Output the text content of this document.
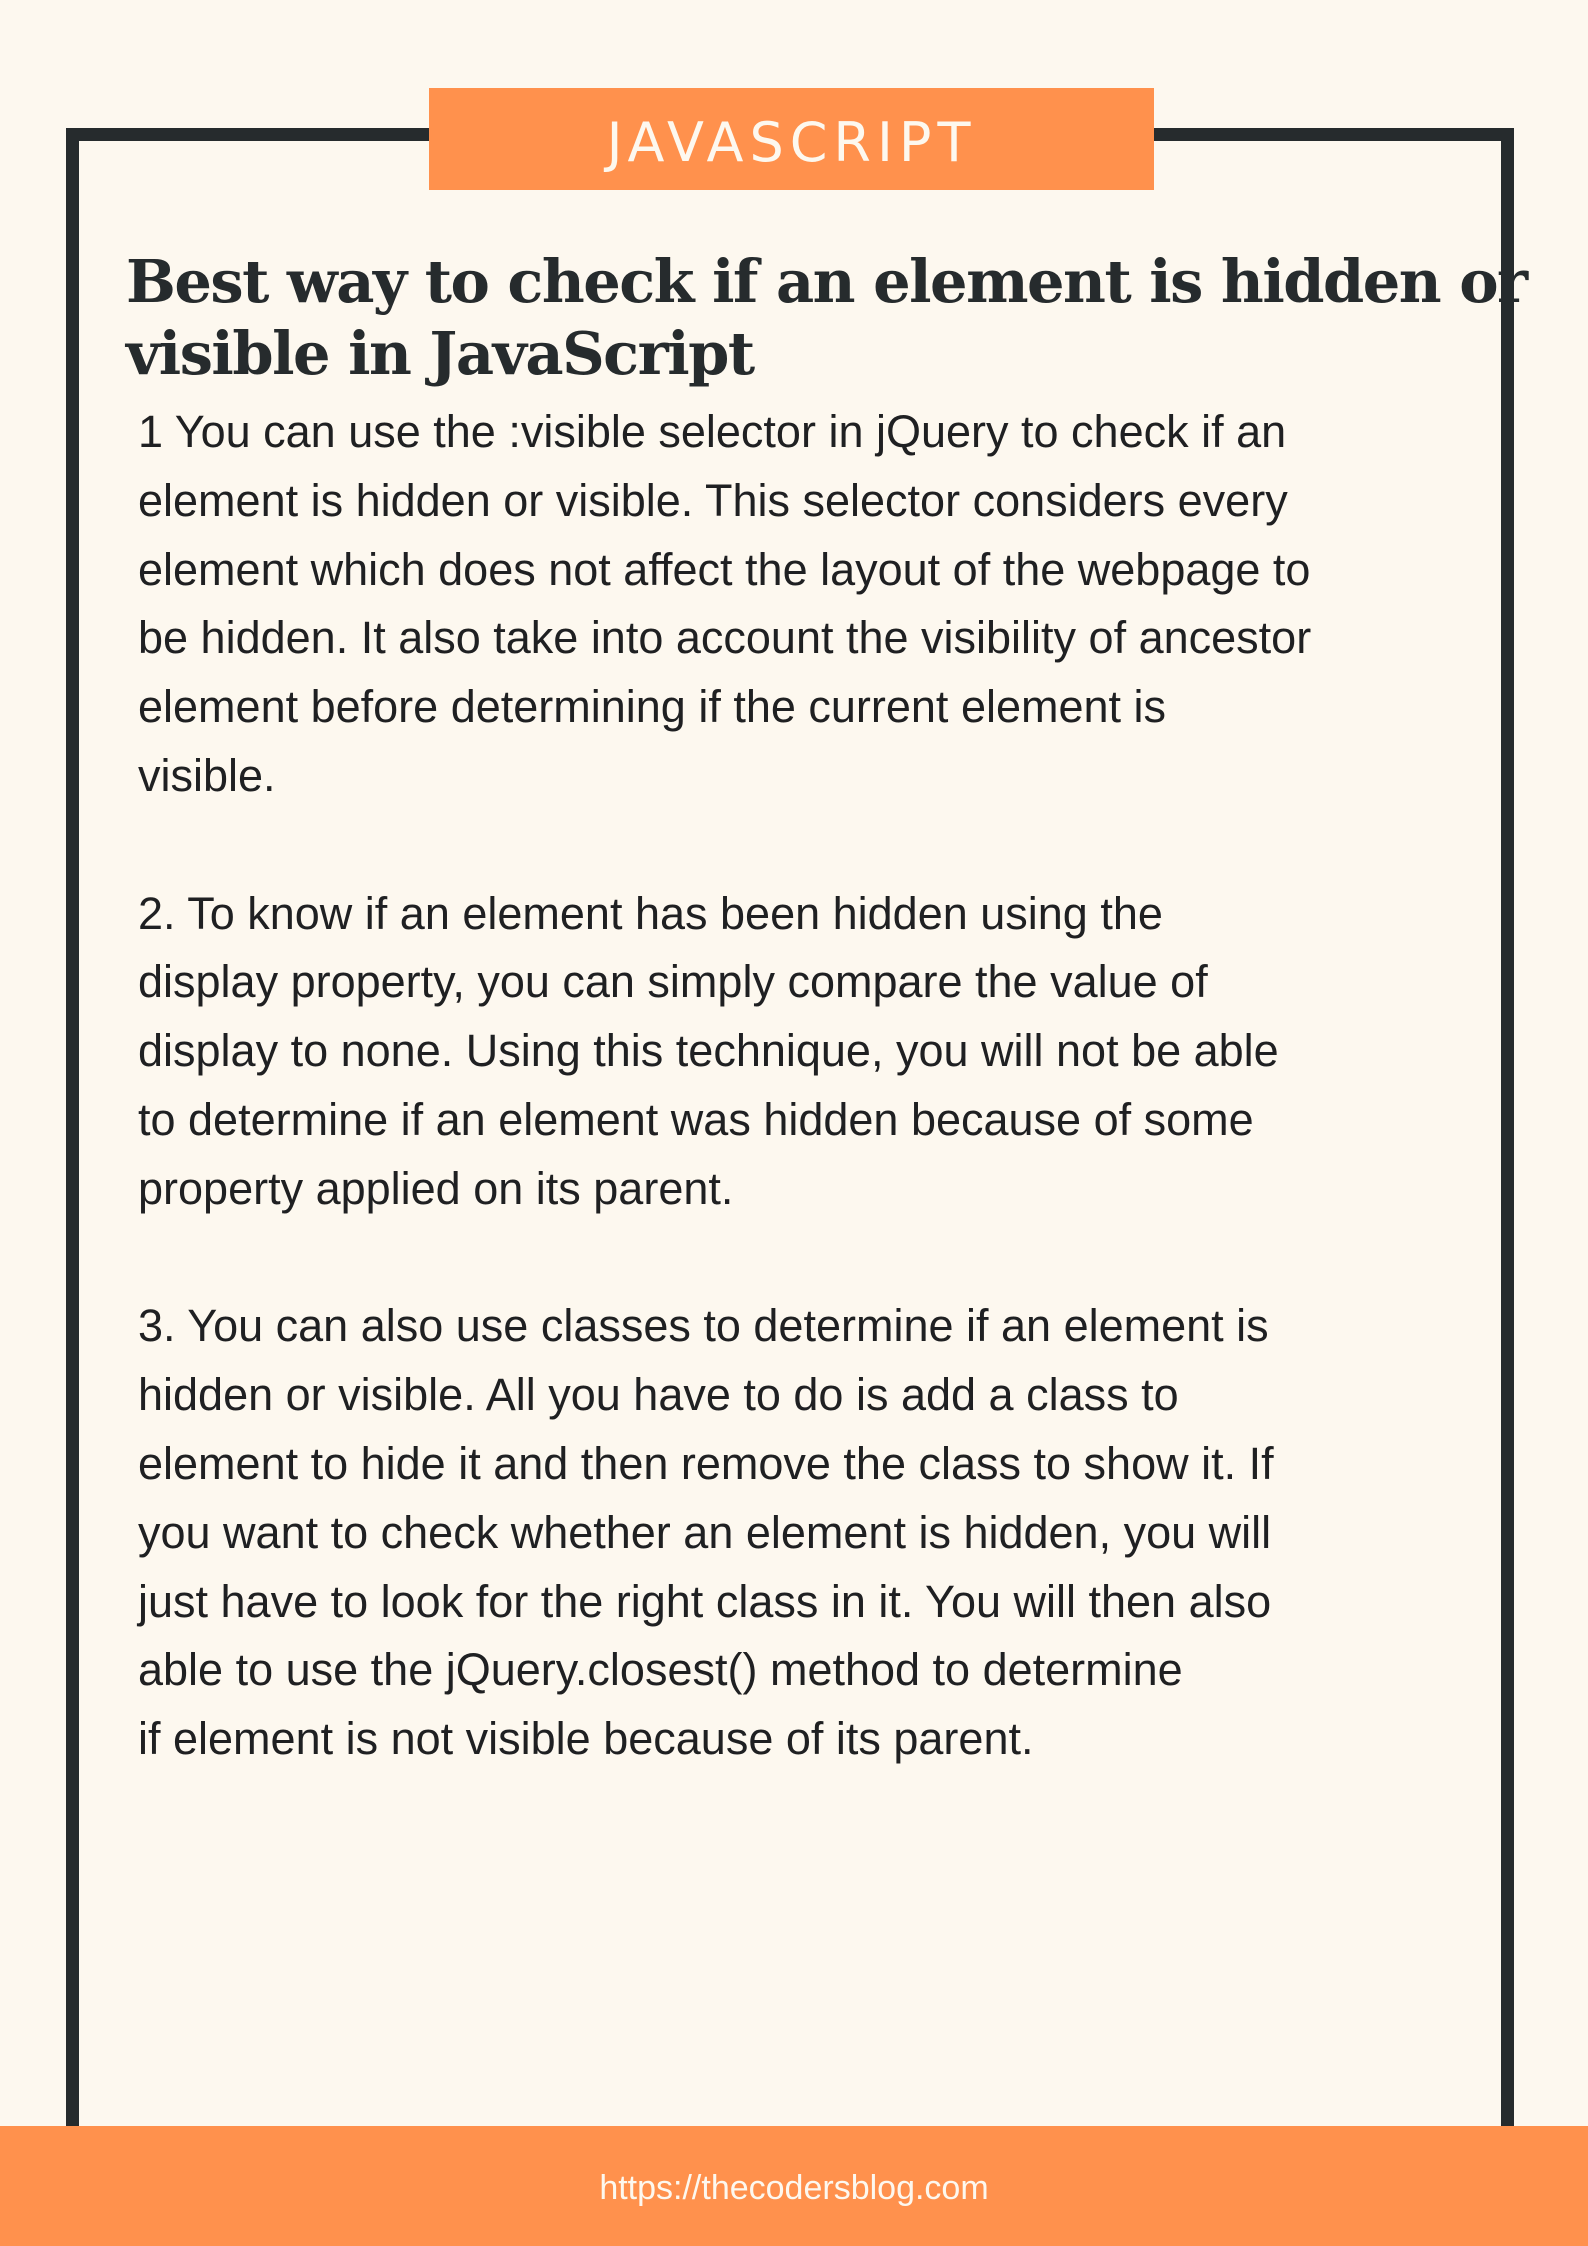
JAVASCRIPT
Best way to check if an element is hidden or
visible in JavaScript

1 You can use the :visible selector in jQuery to check if an
element is hidden or visible. This selector considers every
element which does not affect the layout of the webpage to
be hidden. It also take into account the visibility of ancestor
element before determining if the current element is
visible.

2. To know if an element has been hidden using the
display property, you can simply compare the value of
display to none. Using this technique, you will not be able
to determine if an element was hidden because of some
property applied on its parent.

3. You can also use classes to determine if an element is
hidden or visible. All you have to do is add a class to
element to hide it and then remove the class to show it. If
you want to check whether an element is hidden, you will
just have to look for the right class in it. You will then also
able to use the jQuery.closest() method to determine
if element is not visible because of its parent.

https://thecodersblog.com
